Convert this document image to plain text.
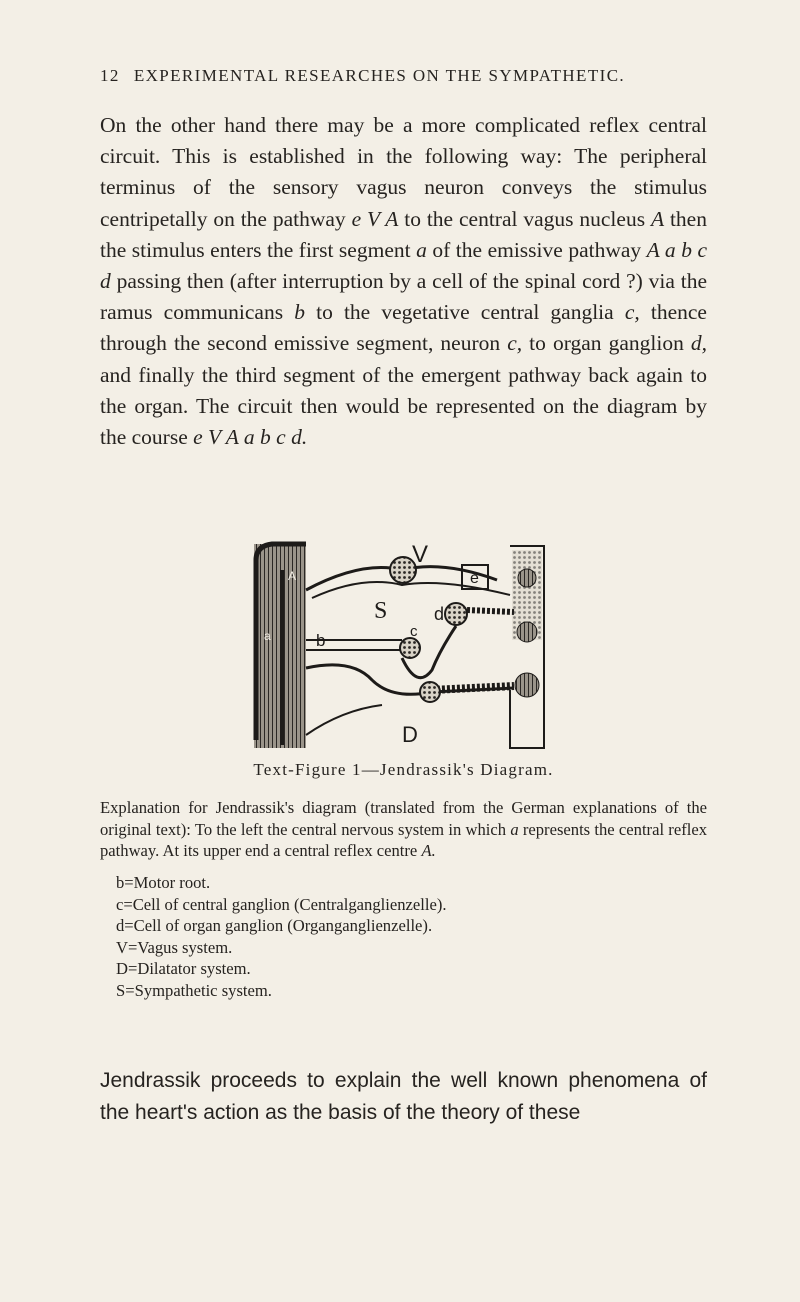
12 EXPERIMENTAL RESEARCHES ON THE SYMPATHETIC.

On the other hand there may be a more complicated reflex central circuit. This is established in the following way: The peripheral terminus of the sensory vagus neuron conveys the stimulus centripetally on the pathway e V A to the central vagus nucleus A then the stimulus enters the first segment a of the emissive pathway A a b c d passing then (after interruption by a cell of the spinal cord ?) via the ramus communicans b to the vegetative central ganglia c, thence through the second emissive segment, neuron c, to organ ganglion d, and finally the third segment of the emergent pathway back again to the organ. The circuit then would be represented on the diagram by the course e V A a b c d.

V
e
S	d
b	c
D
a
A
Text-Figure 1—Jendrassik's Diagram.

Explanation for Jendrassik's diagram (translated from the German explanations of the original text): To the left the central nervous system in which a represents the central reflex pathway. At its upper end a central reflex centre A.

b=Motor root.
c=Cell of central ganglion (Centralganglienzelle).
d=Cell of organ ganglion (Organganglienzelle).
V=Vagus system.
D=Dilatator system.
S=Sympathetic system.

Jendrassik proceeds to explain the well known phenomena of the heart's action as the basis of the theory of these
